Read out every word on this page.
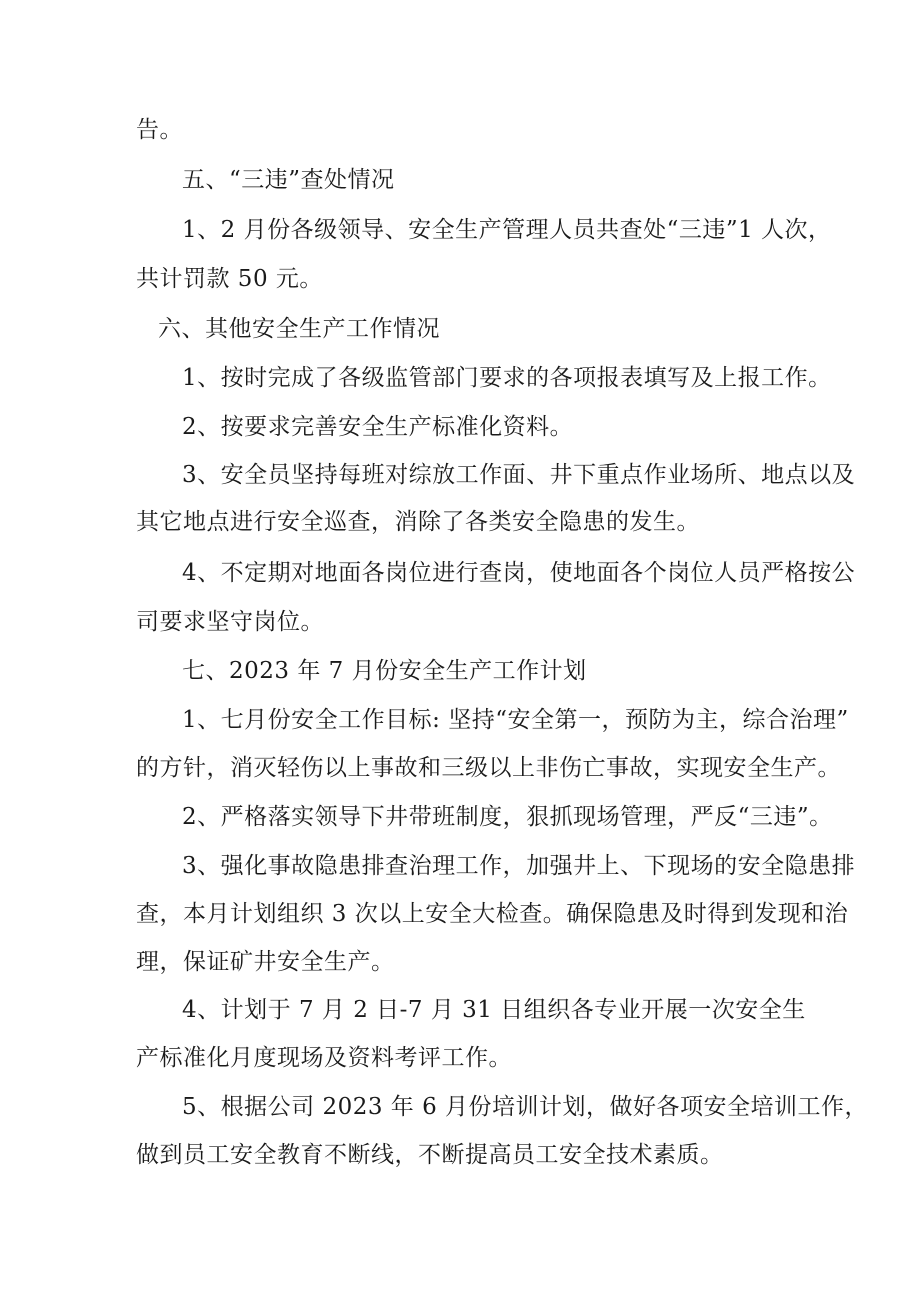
告。
五、“三违”查处情况
1、2 月份各级领导、安全生产管理人员共查处“三违”1 人次，
共计罚款 50 元。
六、其他安全生产工作情况
1、按时完成了各级监管部门要求的各项报表填写及上报工作。
2、按要求完善安全生产标准化资料。
3、安全员坚持每班对综放工作面、井下重点作业场所、地点以及
其它地点进行安全巡查，消除了各类安全隐患的发生。
4、不定期对地面各岗位进行查岗，使地面各个岗位人员严格按公
司要求坚守岗位。
七、2023 年 7 月份安全生产工作计划
1、七月份安全工作目标: 坚持“安全第一，预防为主，综合治理”
的方针，消灭轻伤以上事故和三级以上非伤亡事故，实现安全生产。
2、严格落实领导下井带班制度，狠抓现场管理，严反“三违”。
3、强化事故隐患排查治理工作，加强井上、下现场的安全隐患排
查，本月计划组织 3 次以上安全大检查。确保隐患及时得到发现和治
理，保证矿井安全生产。
4、计划于 7 月 2 日-7 月 31 日组织各专业开展一次安全生
产标准化月度现场及资料考评工作。
5、根据公司 2023 年 6 月份培训计划，做好各项安全培训工作，
做到员工安全教育不断线，不断提高员工安全技术素质。
